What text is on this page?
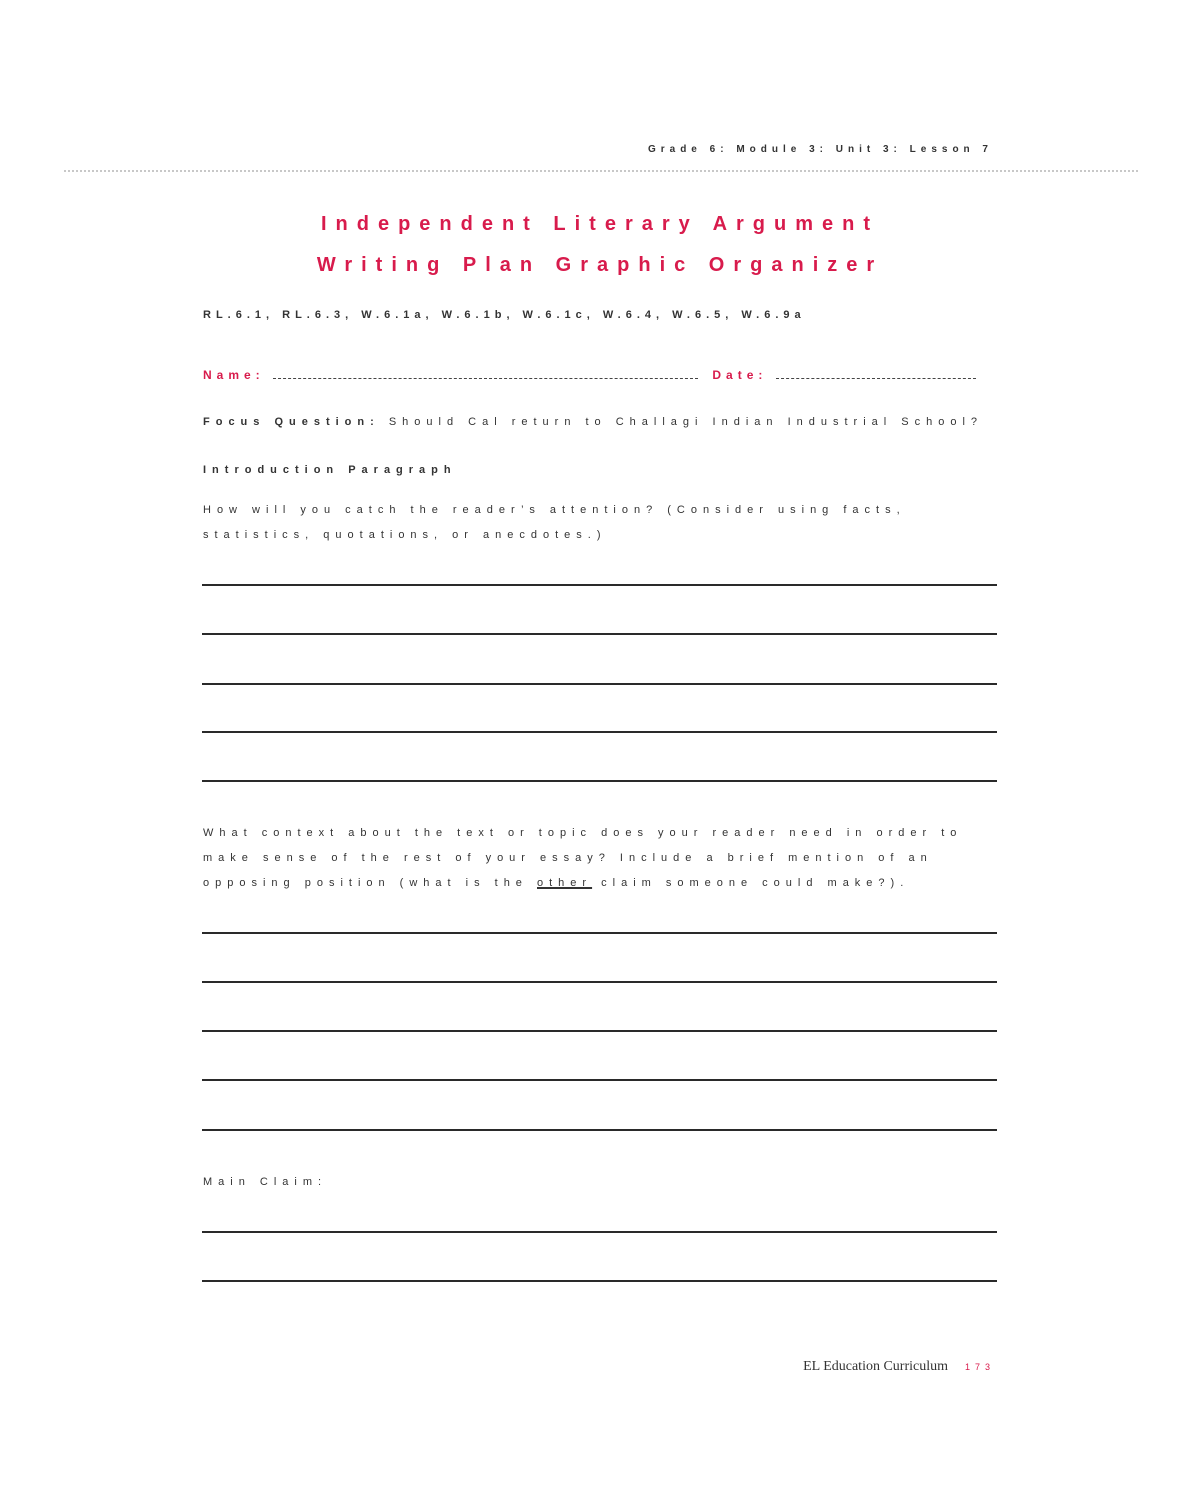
Grade 6: Module 3: Unit 3: Lesson 7
Independent Literary Argument
Writing Plan Graphic Organizer
RL.6.1, RL.6.3, W.6.1a, W.6.1b, W.6.1c, W.6.4, W.6.5, W.6.9a
Name:	Date:
Focus Question: Should Cal return to Challagi Indian Industrial School?
Introduction Paragraph
How will you catch the reader’s attention? (Consider using facts, statistics, quotations, or anecdotes.)
What context about the text or topic does your reader need in order to make sense of the rest of your essay? Include a brief mention of an opposing position (what is the other claim someone could make?).
Main Claim:
EL Education Curriculum 173
